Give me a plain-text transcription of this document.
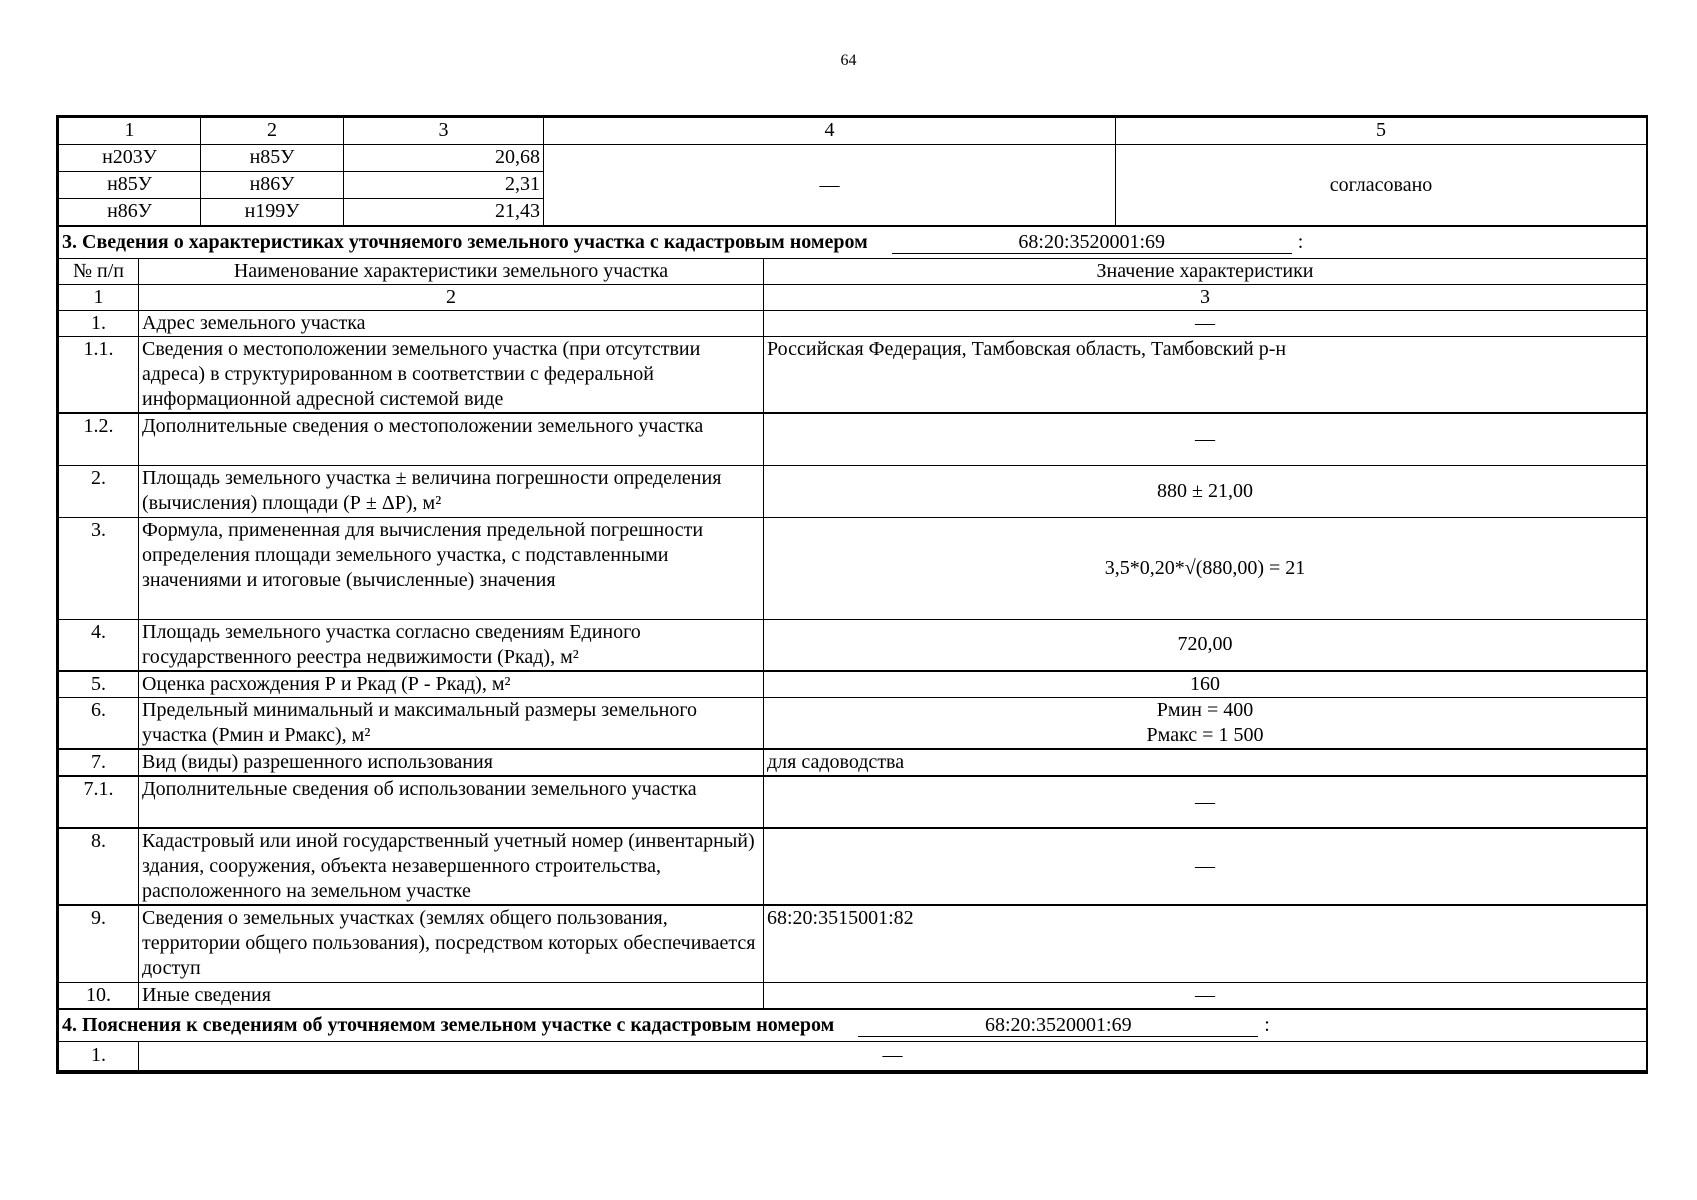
64
1	2	3	4	5
н203У	н85У	20,68	—	согласовано
н85У	н86У	2,31		
н86У	н199У	21,43		
3. Сведения о характеристиках уточняемого земельного участка с кадастровым номером 68:20:3520001:69 :		
№ п/п	Наименование характеристики земельного участка	Значение характеристики
1	2	3
1.	Адрес земельного участка	—
1.1.	Сведения о местоположении земельного участка (при отсутствии адреса) в структурированном в соответствии с федеральной информационной адресной системой виде	Российская Федерация, Тамбовская область, Тамбовский р-н
1.2.	Дополнительные сведения о местоположении земельного участка	—
2.	Площадь земельного участка ± величина погрешности определения (вычисления) площади (Р ± ΔР), м²	880 ± 21,00
3.	Формула, примененная для вычисления предельной погрешности определения площади земельного участка, с подставленными значениями и итоговые (вычисленные) значения	3,5*0,20*√(880,00) = 21
4.	Площадь земельного участка согласно сведениям Единого государственного реестра недвижимости (Ркад), м²	720,00
5.	Оценка расхождения Р и Ркад (Р - Ркад), м²	160
6.	Предельный минимальный и максимальный размеры земельного участка (Рмин и Рмакс), м²	Рмин = 400
Рмакс = 1 500

7.	Вид (виды) разрешенного использования	для садоводства
7.1.	Дополнительные сведения об использовании земельного участка	—
8.	Кадастровый или иной государственный учетный номер (инвентарный) здания, сооружения, объекта незавершенного строительства, расположенного на земельном участке	—
9.	Сведения о земельных участках (землях общего пользования, территории общего пользования), посредством которых обеспечивается доступ	68:20:3515001:82
10.	Иные сведения	—
4. Пояснения к сведениям об уточняемом земельном участке с кадастровым номером	68:20:3520001:69	:
1.	—
